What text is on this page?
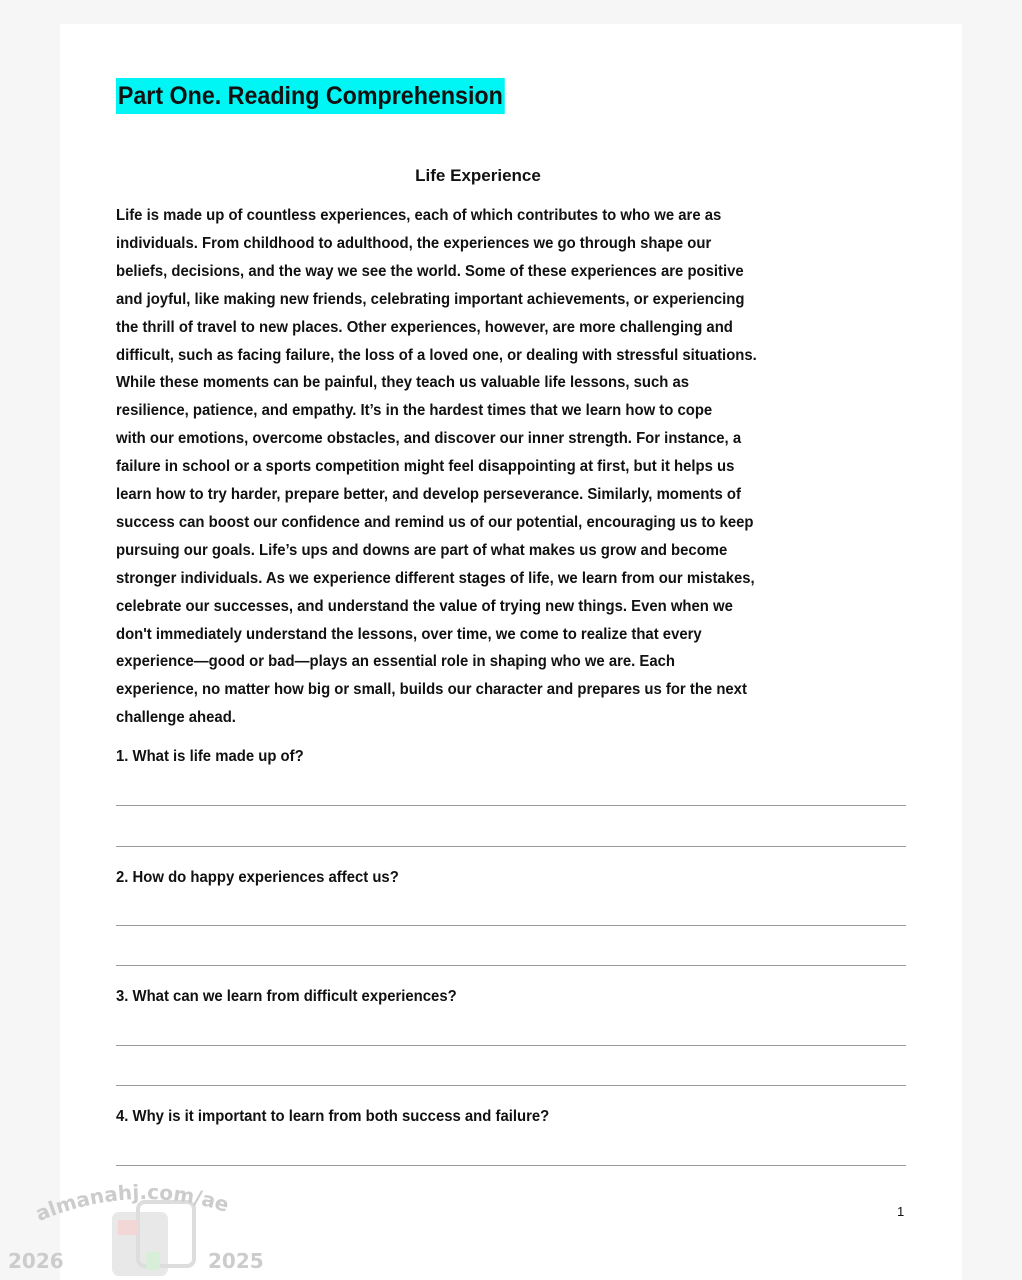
almanahj.com/ae
2026	2025
Part One. Reading Comprehension
Life Experience
Life is made up of countless experiences, each of which contributes to who we are as
individuals. From childhood to adulthood, the experiences we go through shape our
beliefs, decisions, and the way we see the world. Some of these experiences are positive
and joyful, like making new friends, celebrating important achievements, or experiencing
the thrill of travel to new places. Other experiences, however, are more challenging and
difficult, such as facing failure, the loss of a loved one, or dealing with stressful situations.
While these moments can be painful, they teach us valuable life lessons, such as
resilience, patience, and empathy. It’s in the hardest times that we learn how to cope
with our emotions, overcome obstacles, and discover our inner strength. For instance, a
failure in school or a sports competition might feel disappointing at first, but it helps us
learn how to try harder, prepare better, and develop perseverance. Similarly, moments of
success can boost our confidence and remind us of our potential, encouraging us to keep
pursuing our goals. Life’s ups and downs are part of what makes us grow and become
stronger individuals. As we experience different stages of life, we learn from our mistakes,
celebrate our successes, and understand the value of trying new things. Even when we
don't immediately understand the lessons, over time, we come to realize that every
experience—good or bad—plays an essential role in shaping who we are. Each
experience, no matter how big or small, builds our character and prepares us for the next
challenge ahead.
1. What is life made up of?
2. How do happy experiences affect us?
3. What can we learn from difficult experiences?
4. Why is it important to learn from both success and failure?
1
